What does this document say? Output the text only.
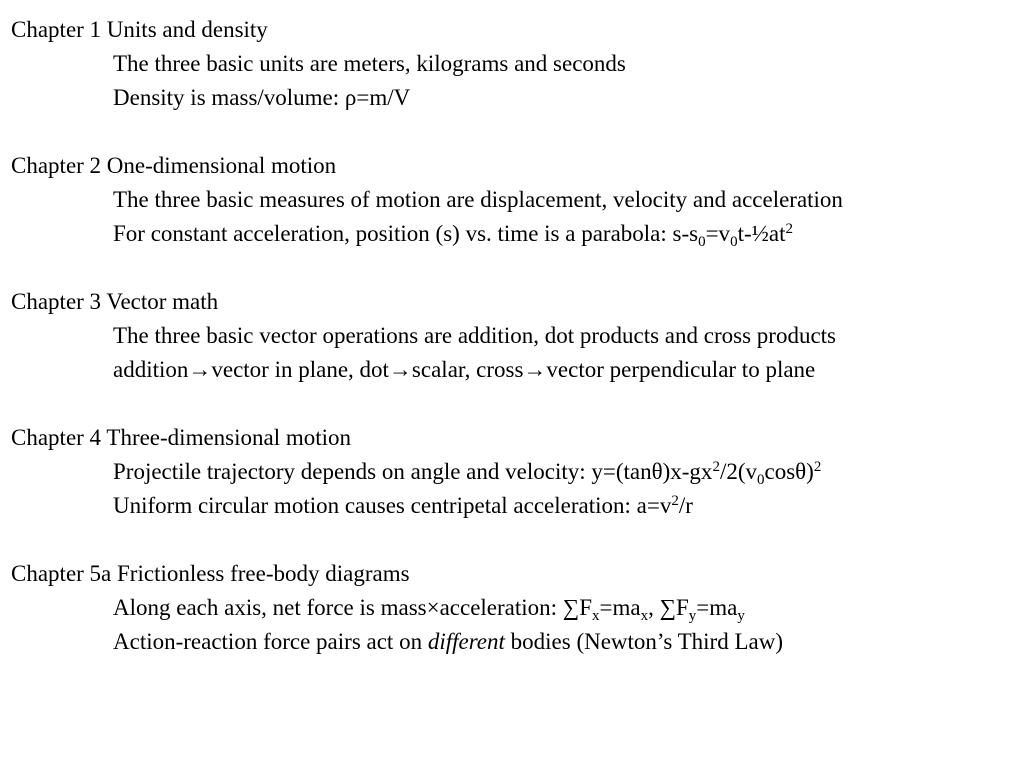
Chapter 1 Units and density
The three basic units are meters, kilograms and seconds
Density is mass/volume: ρ=m/V
Chapter 2 One-dimensional motion
The three basic measures of motion are displacement, velocity and acceleration
For constant acceleration, position (s) vs. time is a parabola: $s-s_0=v_0t-\frac{1}{2}at^2$
Chapter 3 Vector math
The three basic vector operations are addition, dot products and cross products
addition→vector in plane, dot→scalar, cross→vector perpendicular to plane
Chapter 4 Three-dimensional motion
Projectile trajectory depends on angle and velocity: $y=(\tan\theta)x-gx^2/2(v_0\cos\theta)^2$
Uniform circular motion causes centripetal acceleration: $a=v^2/r$
Chapter 5a Frictionless free-body diagrams
Along each axis, net force is mass×acceleration: $\sum F_x=ma_x$, $\sum F_y=ma_y$
Action-reaction force pairs act on different bodies (Newton’s Third Law)
